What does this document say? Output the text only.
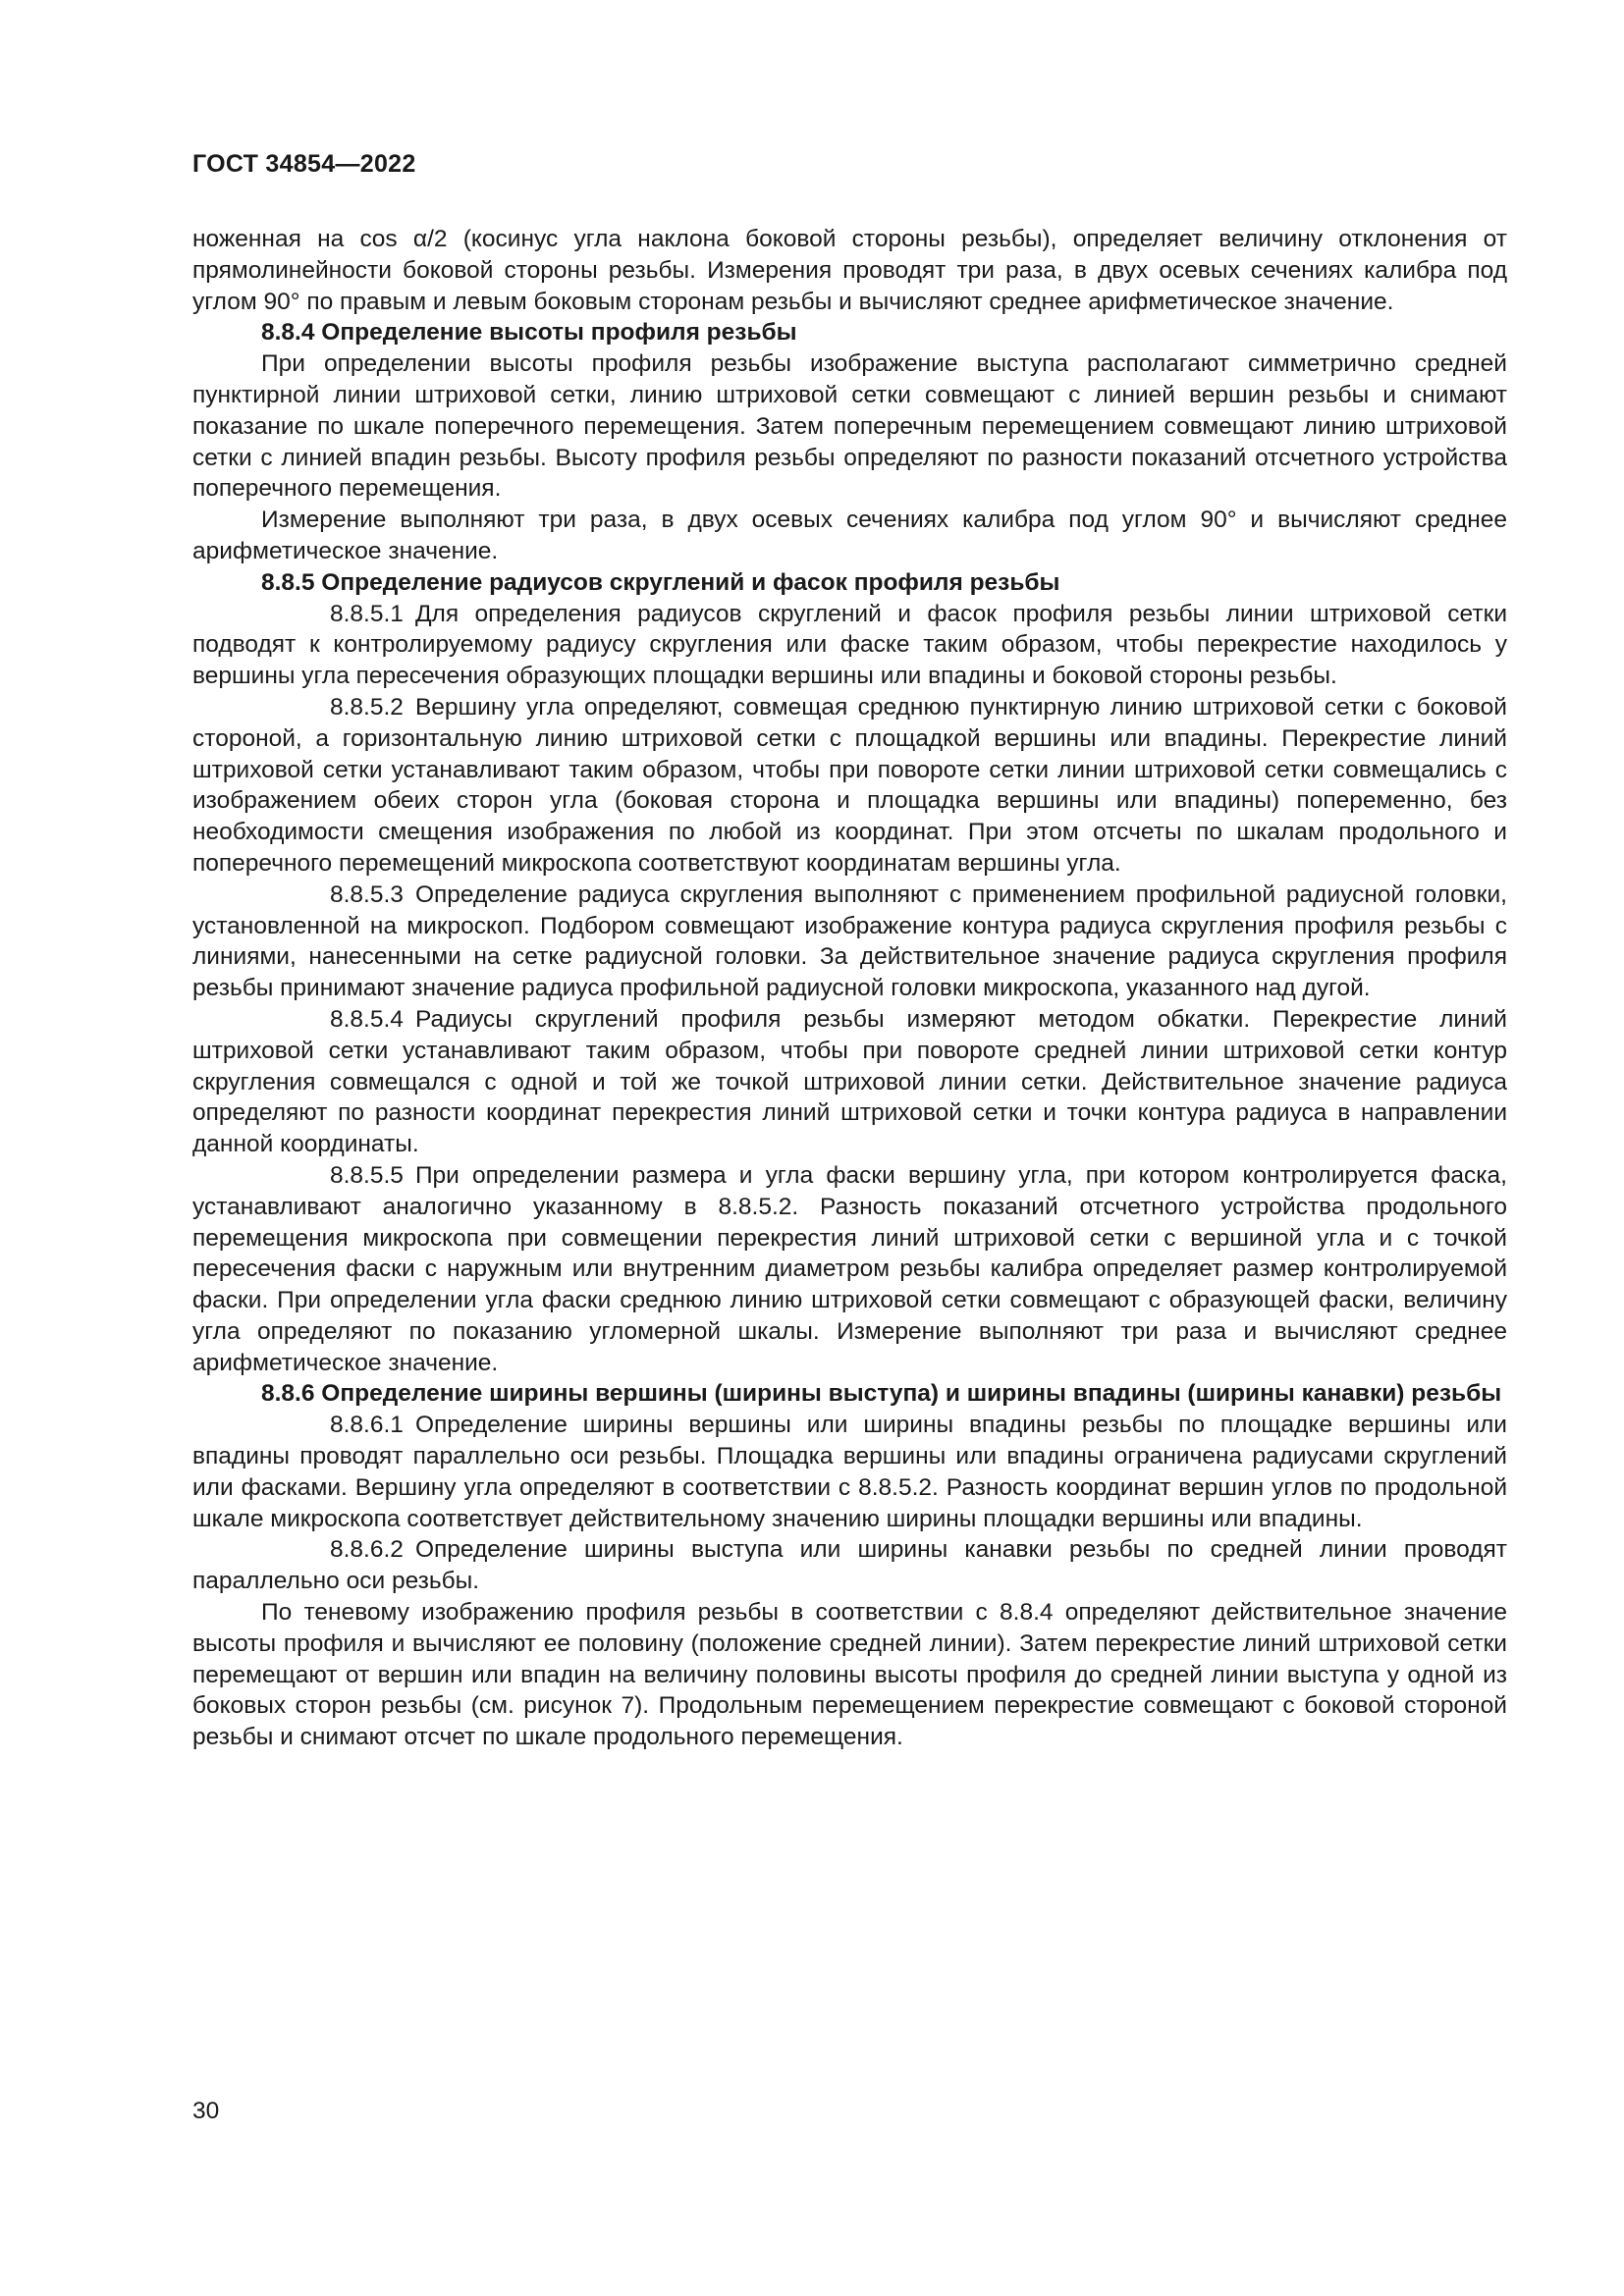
ГОСТ 34854—2022

ноженная на cos α/2 (косинус угла наклона боковой стороны резьбы), определяет величину отклонения от прямолинейности боковой стороны резьбы. Измерения проводят три раза, в двух осевых сечениях калибра под углом 90° по правым и левым боковым сторонам резьбы и вычисляют среднее арифметическое значение.

8.8.4 Определение высоты профиля резьбы

При определении высоты профиля резьбы изображение выступа располагают симметрично средней пунктирной линии штриховой сетки, линию штриховой сетки совмещают с линией вершин резьбы и снимают показание по шкале поперечного перемещения. Затем поперечным перемещением совмещают линию штриховой сетки с линией впадин резьбы. Высоту профиля резьбы определяют по разности показаний отсчетного устройства поперечного перемещения.

Измерение выполняют три раза, в двух осевых сечениях калибра под углом 90° и вычисляют среднее арифметическое значение.

8.8.5 Определение радиусов скруглений и фасок профиля резьбы

8.8.5.1 Для определения радиусов скруглений и фасок профиля резьбы линии штриховой сетки подводят к контролируемому радиусу скругления или фаске таким образом, чтобы перекрестие находилось у вершины угла пересечения образующих площадки вершины или впадины и боковой стороны резьбы.

8.8.5.2 Вершину угла определяют, совмещая среднюю пунктирную линию штриховой сетки с боковой стороной, а горизонтальную линию штриховой сетки с площадкой вершины или впадины. Перекрестие линий штриховой сетки устанавливают таким образом, чтобы при повороте сетки линии штриховой сетки совмещались с изображением обеих сторон угла (боковая сторона и площадка вершины или впадины) попеременно, без необходимости смещения изображения по любой из координат. При этом отсчеты по шкалам продольного и поперечного перемещений микроскопа соответствуют координатам вершины угла.

8.8.5.3 Определение радиуса скругления выполняют с применением профильной радиусной головки, установленной на микроскоп. Подбором совмещают изображение контура радиуса скругления профиля резьбы с линиями, нанесенными на сетке радиусной головки. За действительное значение радиуса скругления профиля резьбы принимают значение радиуса профильной радиусной головки микроскопа, указанного над дугой.

8.8.5.4 Радиусы скруглений профиля резьбы измеряют методом обкатки. Перекрестие линий штриховой сетки устанавливают таким образом, чтобы при повороте средней линии штриховой сетки контур скругления совмещался с одной и той же точкой штриховой линии сетки. Действительное значение радиуса определяют по разности координат перекрестия линий штриховой сетки и точки контура радиуса в направлении данной координаты.

8.8.5.5 При определении размера и угла фаски вершину угла, при котором контролируется фаска, устанавливают аналогично указанному в 8.8.5.2. Разность показаний отсчетного устройства продольного перемещения микроскопа при совмещении перекрестия линий штриховой сетки с вершиной угла и с точкой пересечения фаски с наружным или внутренним диаметром резьбы калибра определяет размер контролируемой фаски. При определении угла фаски среднюю линию штриховой сетки совмещают с образующей фаски, величину угла определяют по показанию угломерной шкалы. Измерение выполняют три раза и вычисляют среднее арифметическое значение.

8.8.6 Определение ширины вершины (ширины выступа) и ширины впадины (ширины канавки) резьбы

8.8.6.1 Определение ширины вершины или ширины впадины резьбы по площадке вершины или впадины проводят параллельно оси резьбы. Площадка вершины или впадины ограничена радиусами скруглений или фасками. Вершину угла определяют в соответствии с 8.8.5.2. Разность координат вершин углов по продольной шкале микроскопа соответствует действительному значению ширины площадки вершины или впадины.

8.8.6.2 Определение ширины выступа или ширины канавки резьбы по средней линии проводят параллельно оси резьбы.

По теневому изображению профиля резьбы в соответствии с 8.8.4 определяют действительное значение высоты профиля и вычисляют ее половину (положение средней линии). Затем перекрестие линий штриховой сетки перемещают от вершин или впадин на величину половины высоты профиля до средней линии выступа у одной из боковых сторон резьбы (см. рисунок 7). Продольным перемещением перекрестие совмещают с боковой стороной резьбы и снимают отсчет по шкале продольного перемещения.

30
